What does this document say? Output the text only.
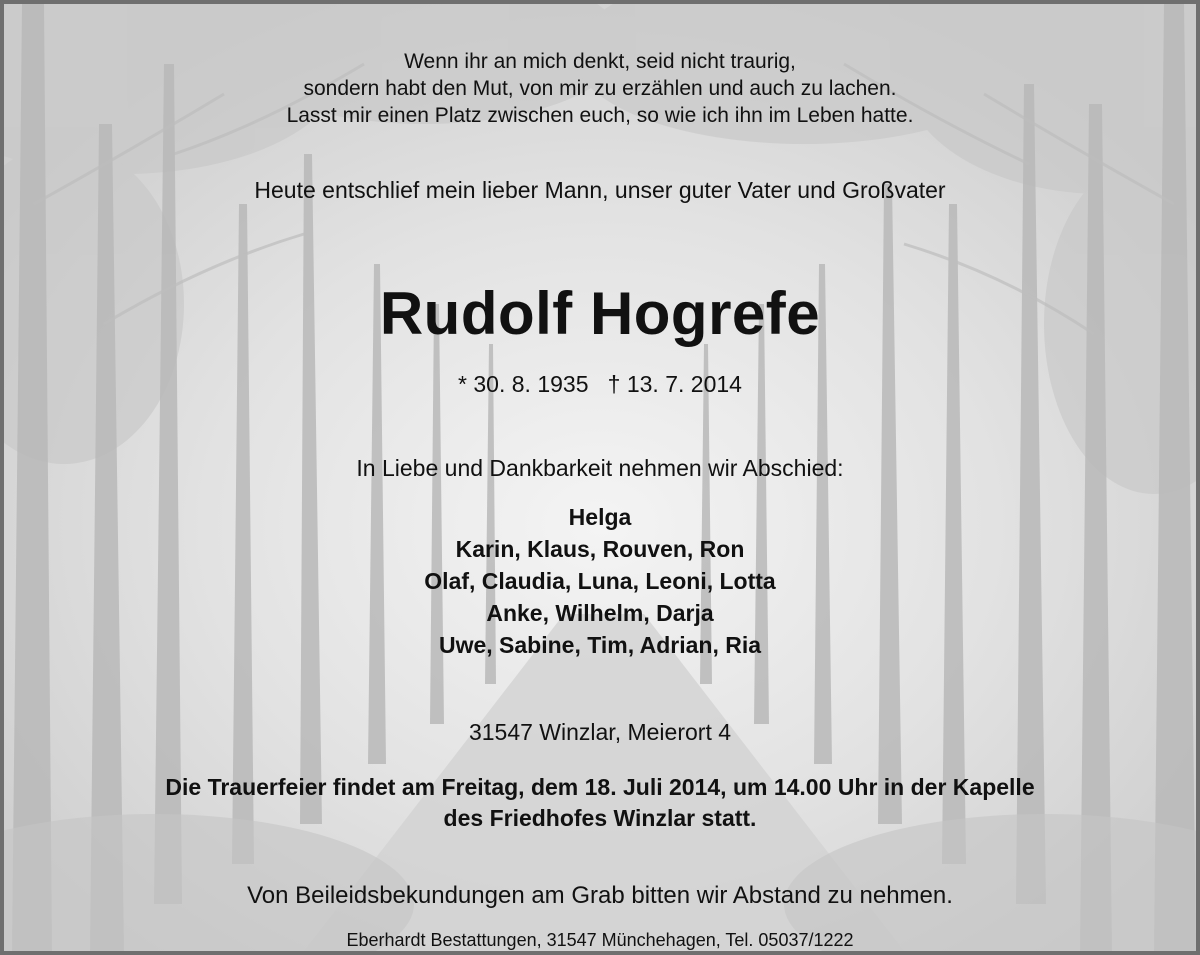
Wenn ihr an mich denkt, seid nicht traurig,
sondern habt den Mut, von mir zu erzählen und auch zu lachen.
Lasst mir einen Platz zwischen euch, so wie ich ihn im Leben hatte.
Heute entschlief mein lieber Mann, unser guter Vater und Großvater
Rudolf Hogrefe
* 30. 8. 1935   † 13. 7. 2014
In Liebe und Dankbarkeit nehmen wir Abschied:
Helga
Karin, Klaus, Rouven, Ron
Olaf, Claudia, Luna, Leoni, Lotta
Anke, Wilhelm, Darja
Uwe, Sabine, Tim, Adrian, Ria
31547 Winzlar, Meierort 4
Die Trauerfeier findet am Freitag, dem 18. Juli 2014, um 14.00 Uhr in der Kapelle
des Friedhofes Winzlar statt.
Von Beileidsbekundungen am Grab bitten wir Abstand zu nehmen.
Eberhardt Bestattungen, 31547 Münchehagen, Tel. 05037/1222
